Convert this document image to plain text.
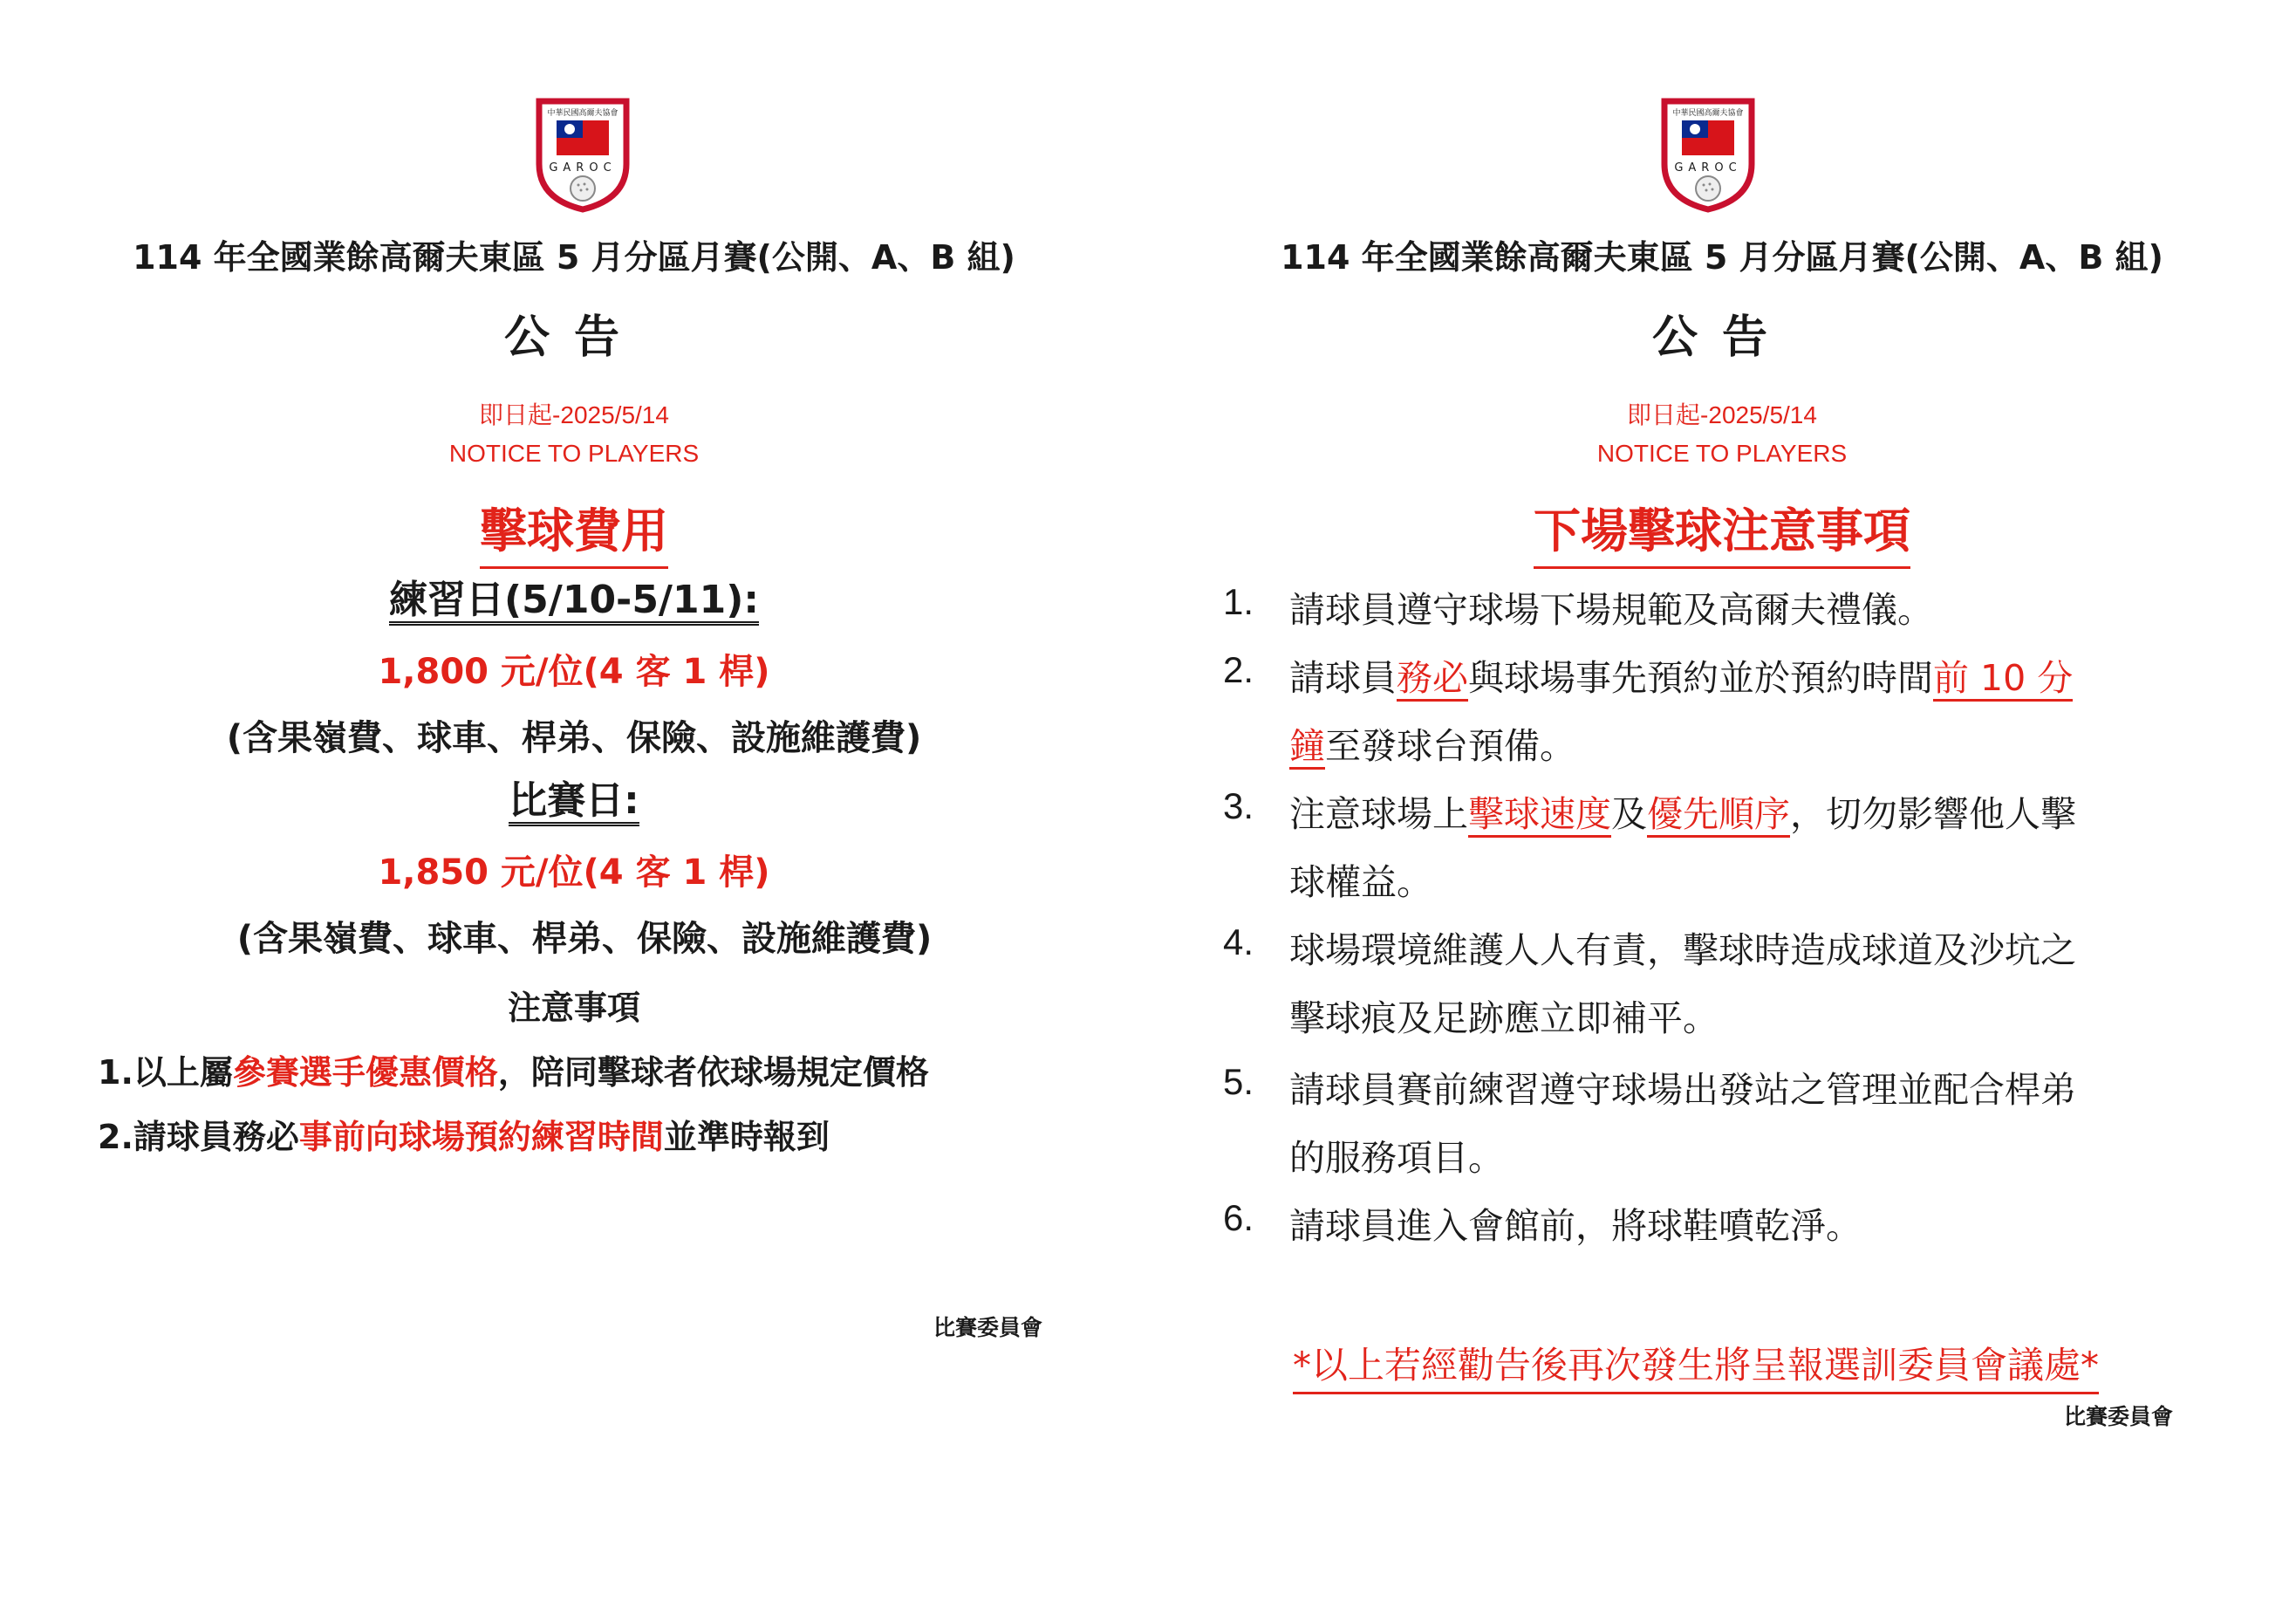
中華民國高爾夫協會
GAROC
114 年全國業餘高爾夫東區 5 月分區月賽(公開、A、B 組)
公告
即日起-2025/5/14
NOTICE TO PLAYERS
擊球費用
練習日(5/10-5/11):
1,800 元/位(4 客 1 桿)
(含果嶺費、球車、桿弟、保險、設施維護費)
比賽日:
1,850 元/位(4 客 1 桿)
(含果嶺費、球車、桿弟、保險、設施維護費)
注意事項
1.以上屬參賽選手優惠價格，陪同擊球者依球場規定價格
2.請球員務必事前向球場預約練習時間並準時報到
比賽委員會
中華民國高爾夫協會
GAROC
114 年全國業餘高爾夫東區 5 月分區月賽(公開、A、B 組)
公告
即日起-2025/5/14
NOTICE TO PLAYERS
下場擊球注意事項
1. 請球員遵守球場下場規範及高爾夫禮儀。
2. 請球員務必與球場事先預約並於預約時間前 10 分
鐘至發球台預備。
3. 注意球場上擊球速度及優先順序，切勿影響他人擊
球權益。
4. 球場環境維護人人有責，擊球時造成球道及沙坑之
擊球痕及足跡應立即補平。
5. 請球員賽前練習遵守球場出發站之管理並配合桿弟
的服務項目。
6. 請球員進入會館前，將球鞋噴乾淨。
*以上若經勸告後再次發生將呈報選訓委員會議處*
比賽委員會
